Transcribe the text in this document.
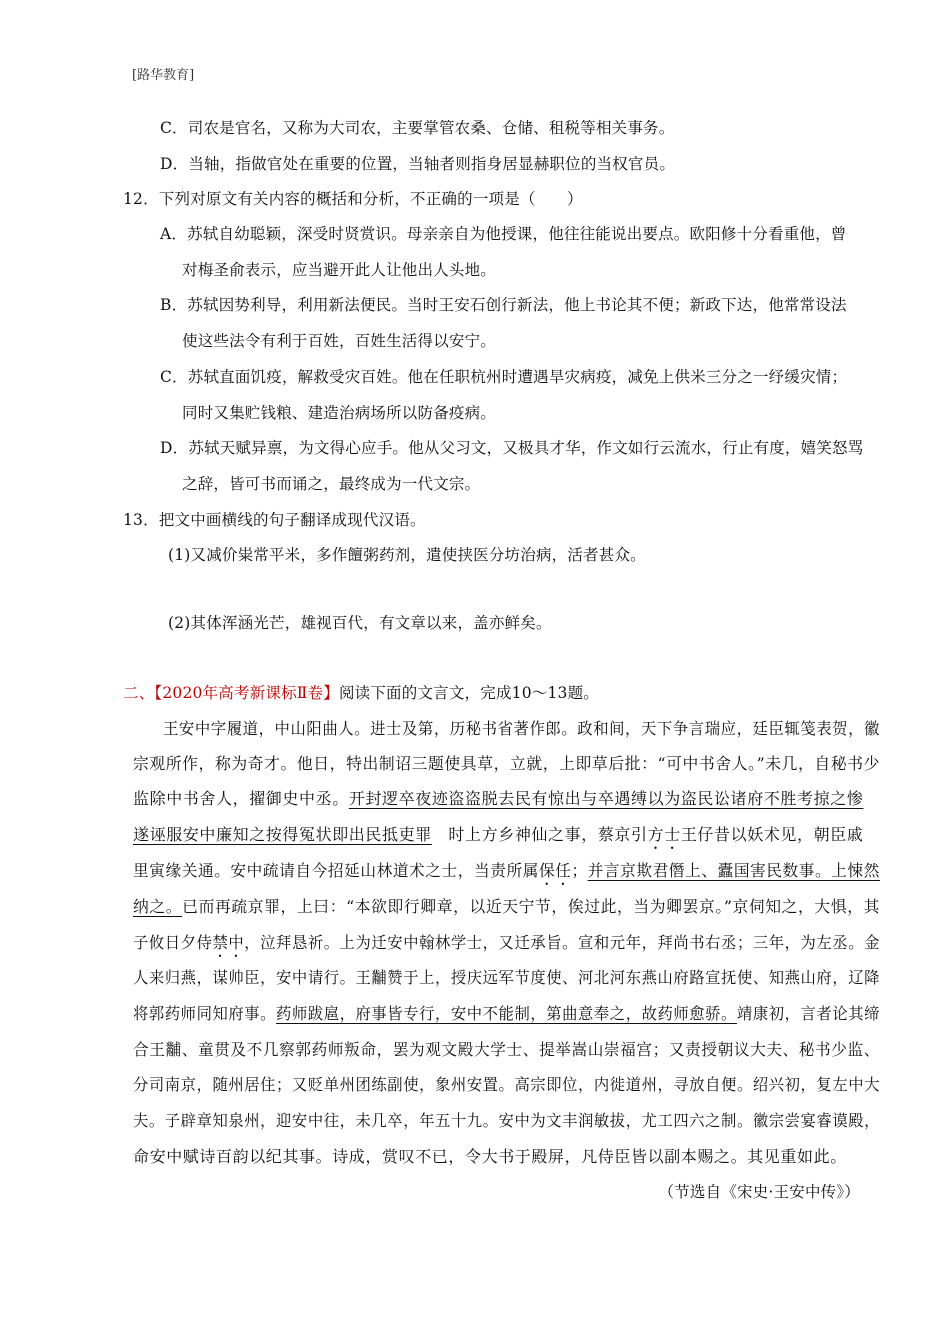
[路华教育]
C．司农是官名，又称为大司农，主要掌管农桑、仓储、租税等相关事务。
D．当轴，指做官处在重要的位置，当轴者则指身居显赫职位的当权官员。
12．下列对原文有关内容的概括和分析，不正确的一项是（　　）
A．苏轼自幼聪颖，深受时贤赏识。母亲亲自为他授课，他往往能说出要点。欧阳修十分看重他，曾
对梅圣俞表示，应当避开此人让他出人头地。
B．苏轼因势利导，利用新法便民。当时王安石创行新法，他上书论其不便；新政下达，他常常设法
使这些法令有利于百姓，百姓生活得以安宁。
C．苏轼直面饥疫，解救受灾百姓。他在任职杭州时遭遇旱灾病疫，减免上供米三分之一纾缓灾情；
同时又集贮钱粮、建造治病场所以防备疫病。
D．苏轼天赋异禀，为文得心应手。他从父习文，又极具才华，作文如行云流水，行止有度，嬉笑怒骂
之辞，皆可书而诵之，最终成为一代文宗。
13．把文中画横线的句子翻译成现代汉语。
(1)又减价粜常平米，多作饘粥药剂，遣使挟医分坊治病，活者甚众。
(2)其体浑涵光芒，雄视百代，有文章以来，盖亦鲜矣。
二、【2020年高考新课标Ⅱ卷】阅读下面的文言文，完成10～13题。
王安中字履道，中山阳曲人。进士及第，历秘书省著作郎。政和间，天下争言瑞应，廷臣辄笺表贺，徽
宗观所作，称为奇才。他日，特出制诏三题使具草，立就，上即草后批：“可中书舍人。”未几，自秘书少
监除中书舍人，擢御史中丞。开封逻卒夜迹盗盗脱去民有惊出与卒遇缚以为盗民讼诸府不胜考掠之惨
遂诬服安中廉知之按得冤状即出民抵吏罪　时上方乡神仙之事，蔡京引方士王仔昔以妖术见，朝臣戚
里寅缘关通。安中疏请自今招延山林道术之士，当责所属保任；并言京欺君僭上、蠹国害民数事。上悚然
纳之。已而再疏京罪，上曰：“本欲即行卿章，以近天宁节，俟过此，当为卿罢京。”京伺知之，大惧，其
子攸日夕侍禁中，泣拜恳祈。上为迁安中翰林学士，又迁承旨。宣和元年，拜尚书右丞；三年，为左丞。金
人来归燕，谋帅臣，安中请行。王黼赞于上，授庆远军节度使、河北河东燕山府路宣抚使、知燕山府，辽降
将郭药师同知府事。药师跋扈，府事皆专行，安中不能制，第曲意奉之，故药师愈骄。靖康初，言者论其缔
合王黼、童贯及不几察郭药师叛命，罢为观文殿大学士、提举嵩山崇福宫；又责授朝议大夫、秘书少监、
分司南京，随州居住；又贬单州团练副使，象州安置。高宗即位，内徙道州，寻放自便。绍兴初，复左中大
夫。子辟章知泉州，迎安中往，未几卒，年五十九。安中为文丰润敏拔，尤工四六之制。徽宗尝宴睿谟殿，
命安中赋诗百韵以纪其事。诗成，赏叹不已，令大书于殿屏，凡侍臣皆以副本赐之。其见重如此。
（节选自《宋史·王安中传》）
